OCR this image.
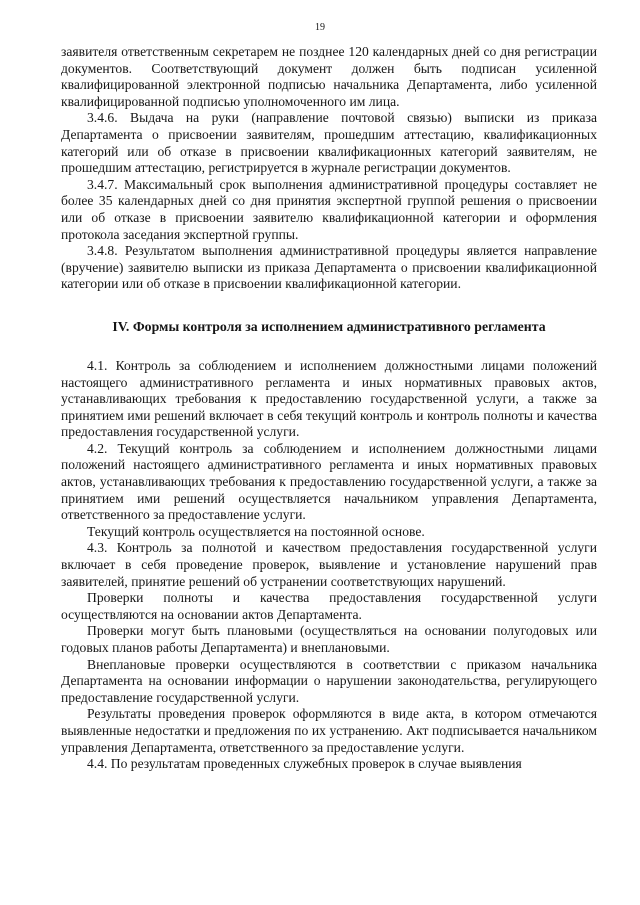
19

заявителя ответственным секретарем не позднее 120 календарных дней со дня регистрации документов. Соответствующий документ должен быть подписан усиленной квалифицированной электронной подписью начальника Департамента, либо усиленной квалифицированной подписью уполномоченного им лица.

3.4.6. Выдача на руки (направление почтовой связью) выписки из приказа Департамента о присвоении заявителям, прошедшим аттестацию, квалификационных категорий или об отказе в присвоении квалификационных категорий заявителям, не прошедшим аттестацию, регистрируется в журнале регистрации документов.

3.4.7. Максимальный срок выполнения административной процедуры составляет не более 35 календарных дней со дня принятия экспертной группой решения о присвоении или об отказе в присвоении заявителю квалификационной категории и оформления протокола заседания экспертной группы.

3.4.8. Результатом выполнения административной процедуры является направление (вручение) заявителю выписки из приказа Департамента о присвоении квалификационной категории или об отказе в присвоении квалификационной категории.

IV. Формы контроля за исполнением административного регламента

4.1. Контроль за соблюдением и исполнением должностными лицами положений настоящего административного регламента и иных нормативных правовых актов, устанавливающих требования к предоставлению государственной услуги, а также за принятием ими решений включает в себя текущий контроль и контроль полноты и качества предоставления государственной услуги.

4.2. Текущий контроль за соблюдением и исполнением должностными лицами положений настоящего административного регламента и иных нормативных правовых актов, устанавливающих требования к предоставлению государственной услуги, а также за принятием ими решений осуществляется начальником управления Департамента, ответственного за предоставление услуги.

Текущий контроль осуществляется на постоянной основе.

4.3. Контроль за полнотой и качеством предоставления государственной услуги включает в себя проведение проверок, выявление и установление нарушений прав заявителей, принятие решений об устранении соответствующих нарушений.

Проверки полноты и качества предоставления государственной услуги осуществляются на основании актов Департамента.

Проверки могут быть плановыми (осуществляться на основании полугодовых или годовых планов работы Департамента) и внеплановыми.

Внеплановые проверки осуществляются в соответствии с приказом начальника Департамента на основании информации о нарушении законодательства, регулирующего предоставление государственной услуги.

Результаты проведения проверок оформляются в виде акта, в котором отмечаются выявленные недостатки и предложения по их устранению. Акт подписывается начальником управления Департамента, ответственного за предоставление услуги.

4.4. По результатам проведенных служебных проверок в случае выявления
